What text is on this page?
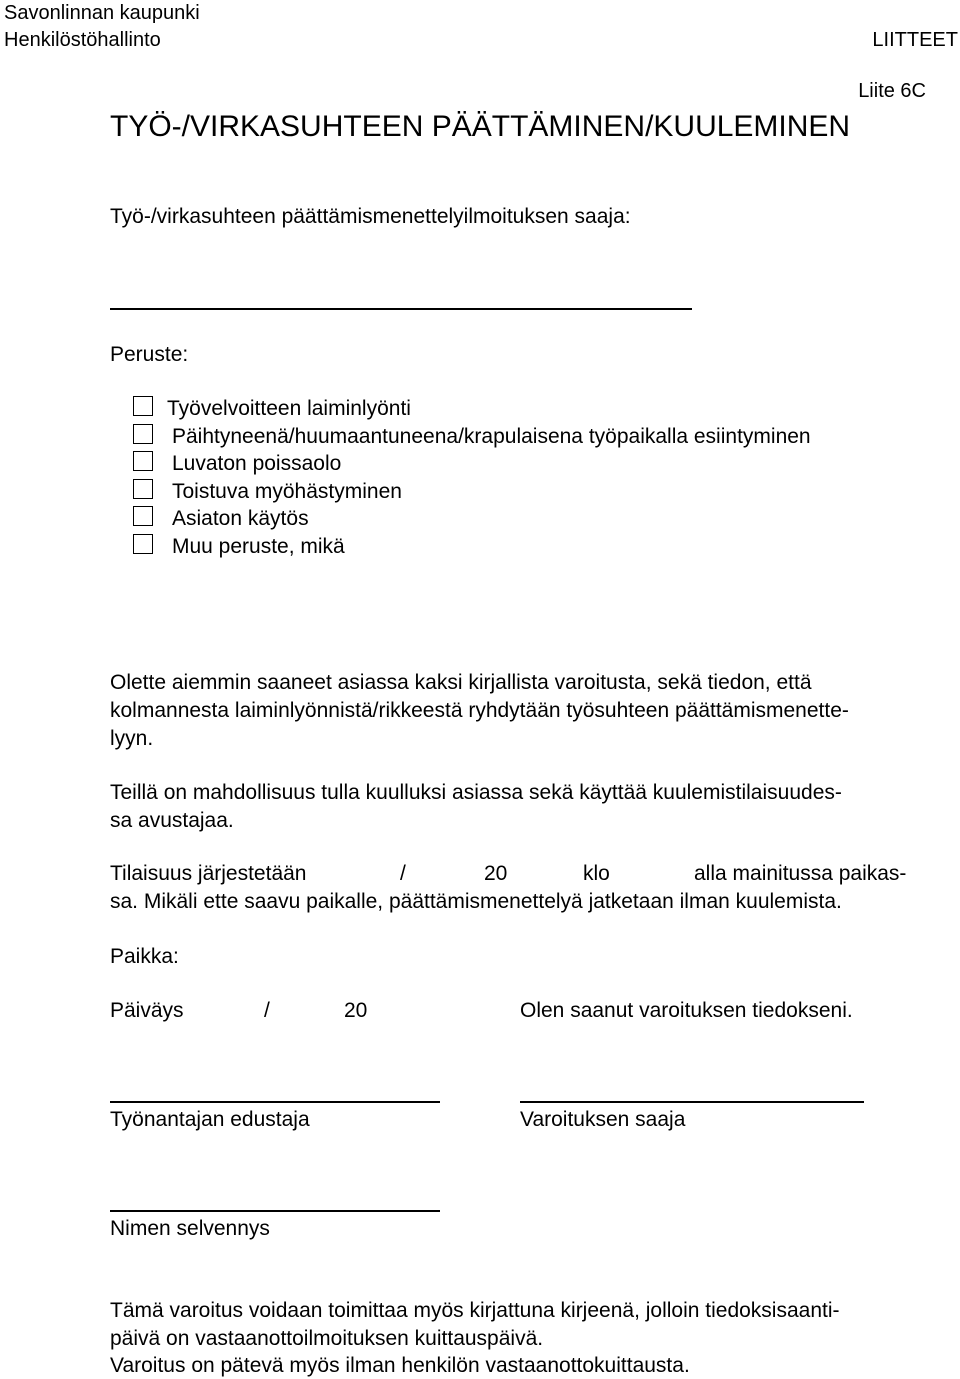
Savonlinnan kaupunki
Henkilöstöhallinto	LIITTEET
Liite 6C
TYÖ-/VIRKASUHTEEN PÄÄTTÄMINEN/KUULEMINEN
Työ-/virkasuhteen päättämismenettelyilmoituksen saaja:
Peruste:
Työvelvoitteen laiminlyönti
Päihtyneenä/huumaantuneena/krapulaisena työpaikalla esiintyminen
Luvaton poissaolo
Toistuva myöhästyminen
Asiaton käytös
Muu peruste, mikä
Olette aiemmin saaneet asiassa kaksi kirjallista varoitusta, sekä tiedon, että
kolmannesta laiminlyönnistä/rikkeestä ryhdytään työsuhteen päättämismenette-
lyyn.
Teillä on mahdollisuus tulla kuulluksi asiassa sekä käyttää kuulemistilaisuudes-
sa avustajaa.
Tilaisuus järjestetään	/	20	klo	alla mainitussa paikas-
sa. Mikäli ette saavu paikalle, päättämismenettelyä jatketaan ilman kuulemista.
Paikka:
Päiväys	/	20	Olen saanut varoituksen tiedokseni.
Työnantajan edustaja	Varoituksen saaja
Nimen selvennys
Tämä varoitus voidaan toimittaa myös kirjattuna kirjeenä, jolloin tiedoksisaanti-
päivä on vastaanottoilmoituksen kuittauspäivä.
Varoitus on pätevä myös ilman henkilön vastaanottokuittausta.
